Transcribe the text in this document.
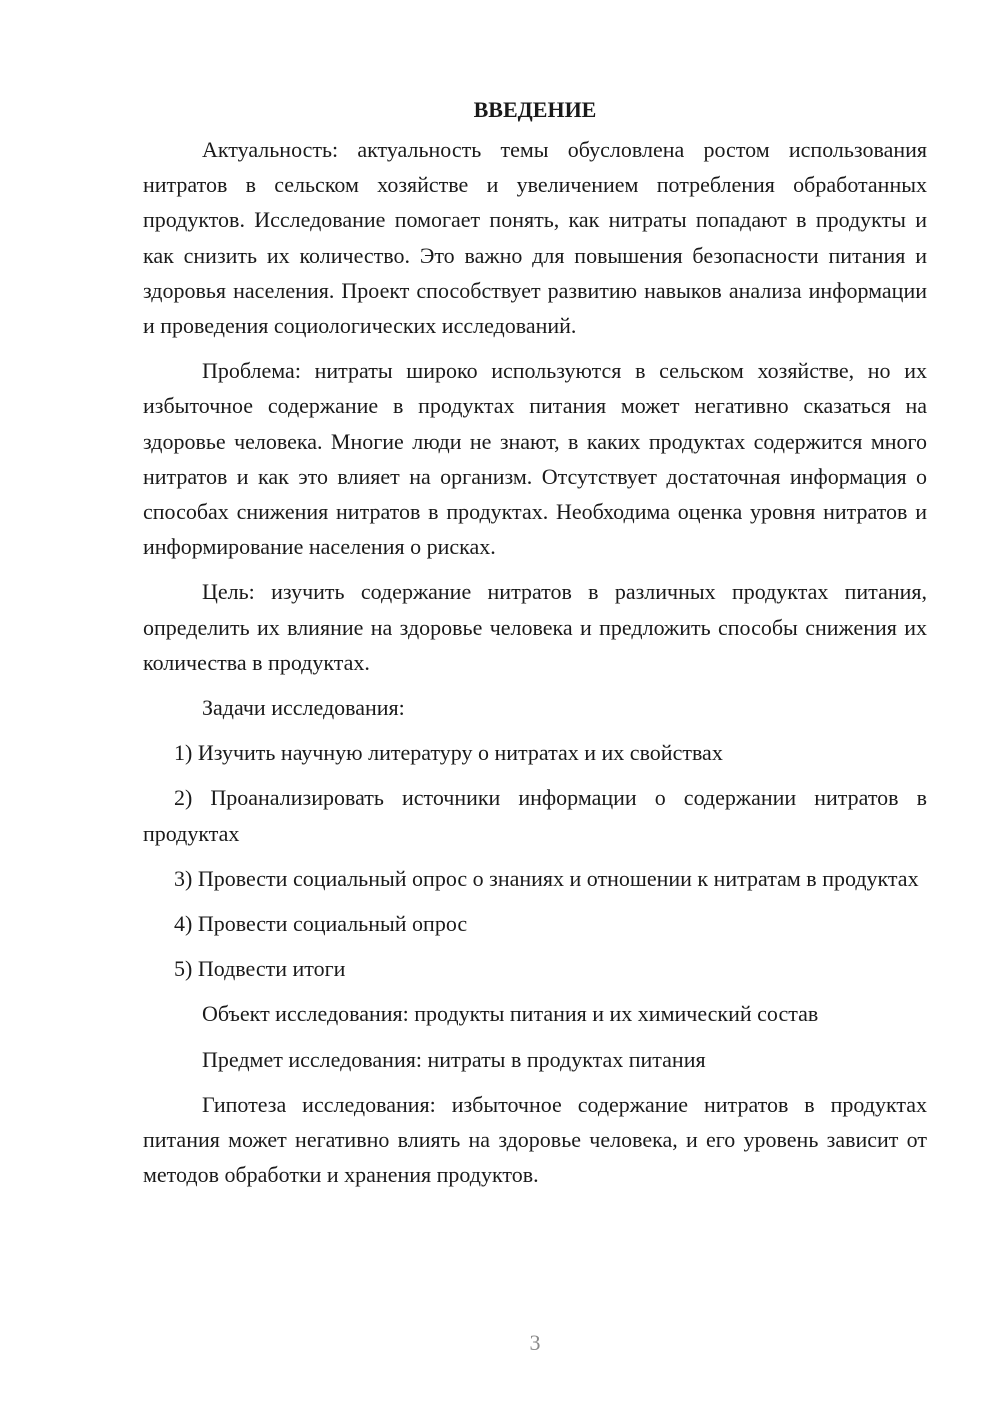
ВВЕДЕНИЕ

Актуальность: актуальность темы обусловлена ростом использования нитратов в сельском хозяйстве и увеличением потребления обработанных продуктов. Исследование помогает понять, как нитраты попадают в продукты и как снизить их количество. Это важно для повышения безопасности питания и здоровья населения. Проект способствует развитию навыков анализа информации и проведения социологических исследований.

Проблема: нитраты широко используются в сельском хозяйстве, но их избыточное содержание в продуктах питания может негативно сказаться на здоровье человека. Многие люди не знают, в каких продуктах содержится много нитратов и как это влияет на организм. Отсутствует достаточная информация о способах снижения нитратов в продуктах. Необходима оценка уровня нитратов и информирование населения о рисках.

Цель: изучить содержание нитратов в различных продуктах питания, определить их влияние на здоровье человека и предложить способы снижения их количества в продуктах.

Задачи исследования:

1) Изучить научную литературу о нитратах и их свойствах

2) Проанализировать источники информации о содержании нитратов в продуктах

3) Провести социальный опрос о знаниях и отношении к нитратам в продуктах

4) Провести социальный опрос

5) Подвести итоги

Объект исследования: продукты питания и их химический состав

Предмет исследования: нитраты в продуктах питания

Гипотеза исследования: избыточное содержание нитратов в продуктах питания может негативно влиять на здоровье человека, и его уровень зависит от методов обработки и хранения продуктов.

3
